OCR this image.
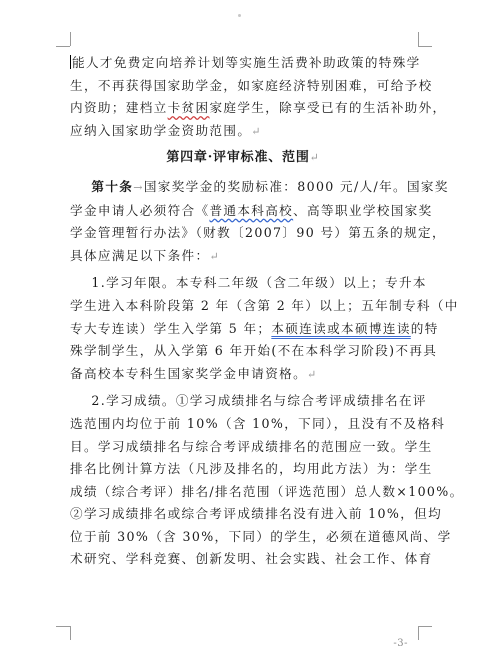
能人才免费定向培养计划等实施生活费补助政策的特殊学
生，不再获得国家助学金，如家庭经济特别困难，可给予校
内资助；建档立卡贫困家庭学生，除享受已有的生活补助外，
应纳入国家助学金资助范围。↵

第四章·评审标准、范围↵

第十条→国家奖学金的奖励标准：8000 元/人/年。国家奖
学金申请人必须符合《普通本科高校、高等职业学校国家奖
学金管理暂行办法》（财教〔2007〕90 号）第五条的规定，
具体应满足以下条件：↵

1.学习年限。本专科二年级（含二年级）以上；专升本
学生进入本科阶段第 2 年（含第 2 年）以上；五年制专科（中
专大专连读）学生入学第 5 年；本硕连读或本硕博连读的特
殊学制学生，从入学第 6 年开始(不在本科学习阶段)不再具
备高校本专科生国家奖学金申请资格。↵

2.学习成绩。①学习成绩排名与综合考评成绩排名在评
选范围内均位于前 10%（含 10%，下同），且没有不及格科
目。学习成绩排名与综合考评成绩排名的范围应一致。学生
排名比例计算方法（凡涉及排名的，均用此方法）为：学生
成绩（综合考评）排名/排名范围（评选范围）总人数×100%。
②学习成绩排名或综合考评成绩排名没有进入前 10%，但均
位于前 30%（含 30%，下同）的学生，必须在道德风尚、学
术研究、学科竞赛、创新发明、社会实践、社会工作、体育

-3-
